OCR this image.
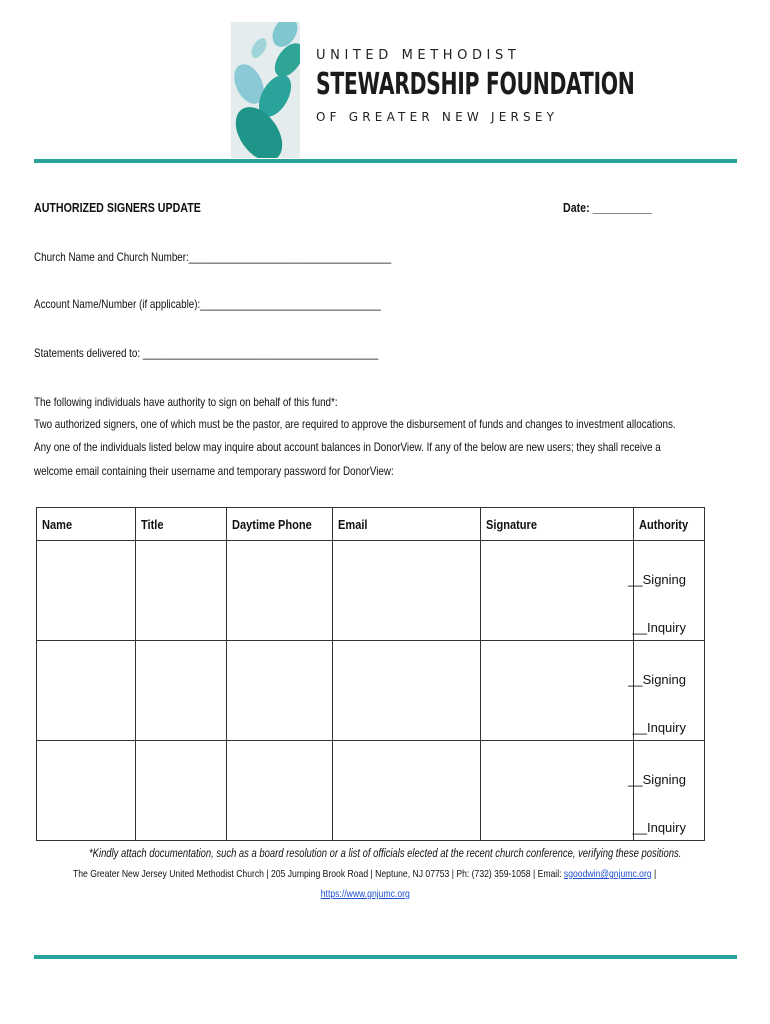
UNITED METHODIST
STEWARDSHIP FOUNDATION
OF GREATER NEW JERSEY
AUTHORIZED SIGNERS UPDATE	Date: __________
Church Name and Church Number:_____________________________________
Account Name/Number (if applicable):_________________________________
Statements delivered to: ___________________________________________
The following individuals have authority to sign on behalf of this fund*:
Two authorized signers, one of which must be the pastor, are required to approve the disbursement of funds and changes to investment allocations.
Any one of the individuals listed below may inquire about account balances in DonorView. If any of the below are new users; they shall receive a
welcome email containing their username and temporary password for DonorView:
Name	Title	Daytime Phone	Email	Signature	Authority

					__Signing
__Inquiry

					__Signing
__Inquiry

					__Signing
__Inquiry
*Kindly attach documentation, such as a board resolution or a list of officials elected at the recent church conference, verifying these positions.
The Greater New Jersey United Methodist Church | 205 Jumping Brook Road | Neptune, NJ 07753 | Ph: (732) 359-1058 | Email: sgoodwin@gnjumc.org |
https://www.gnjumc.org
